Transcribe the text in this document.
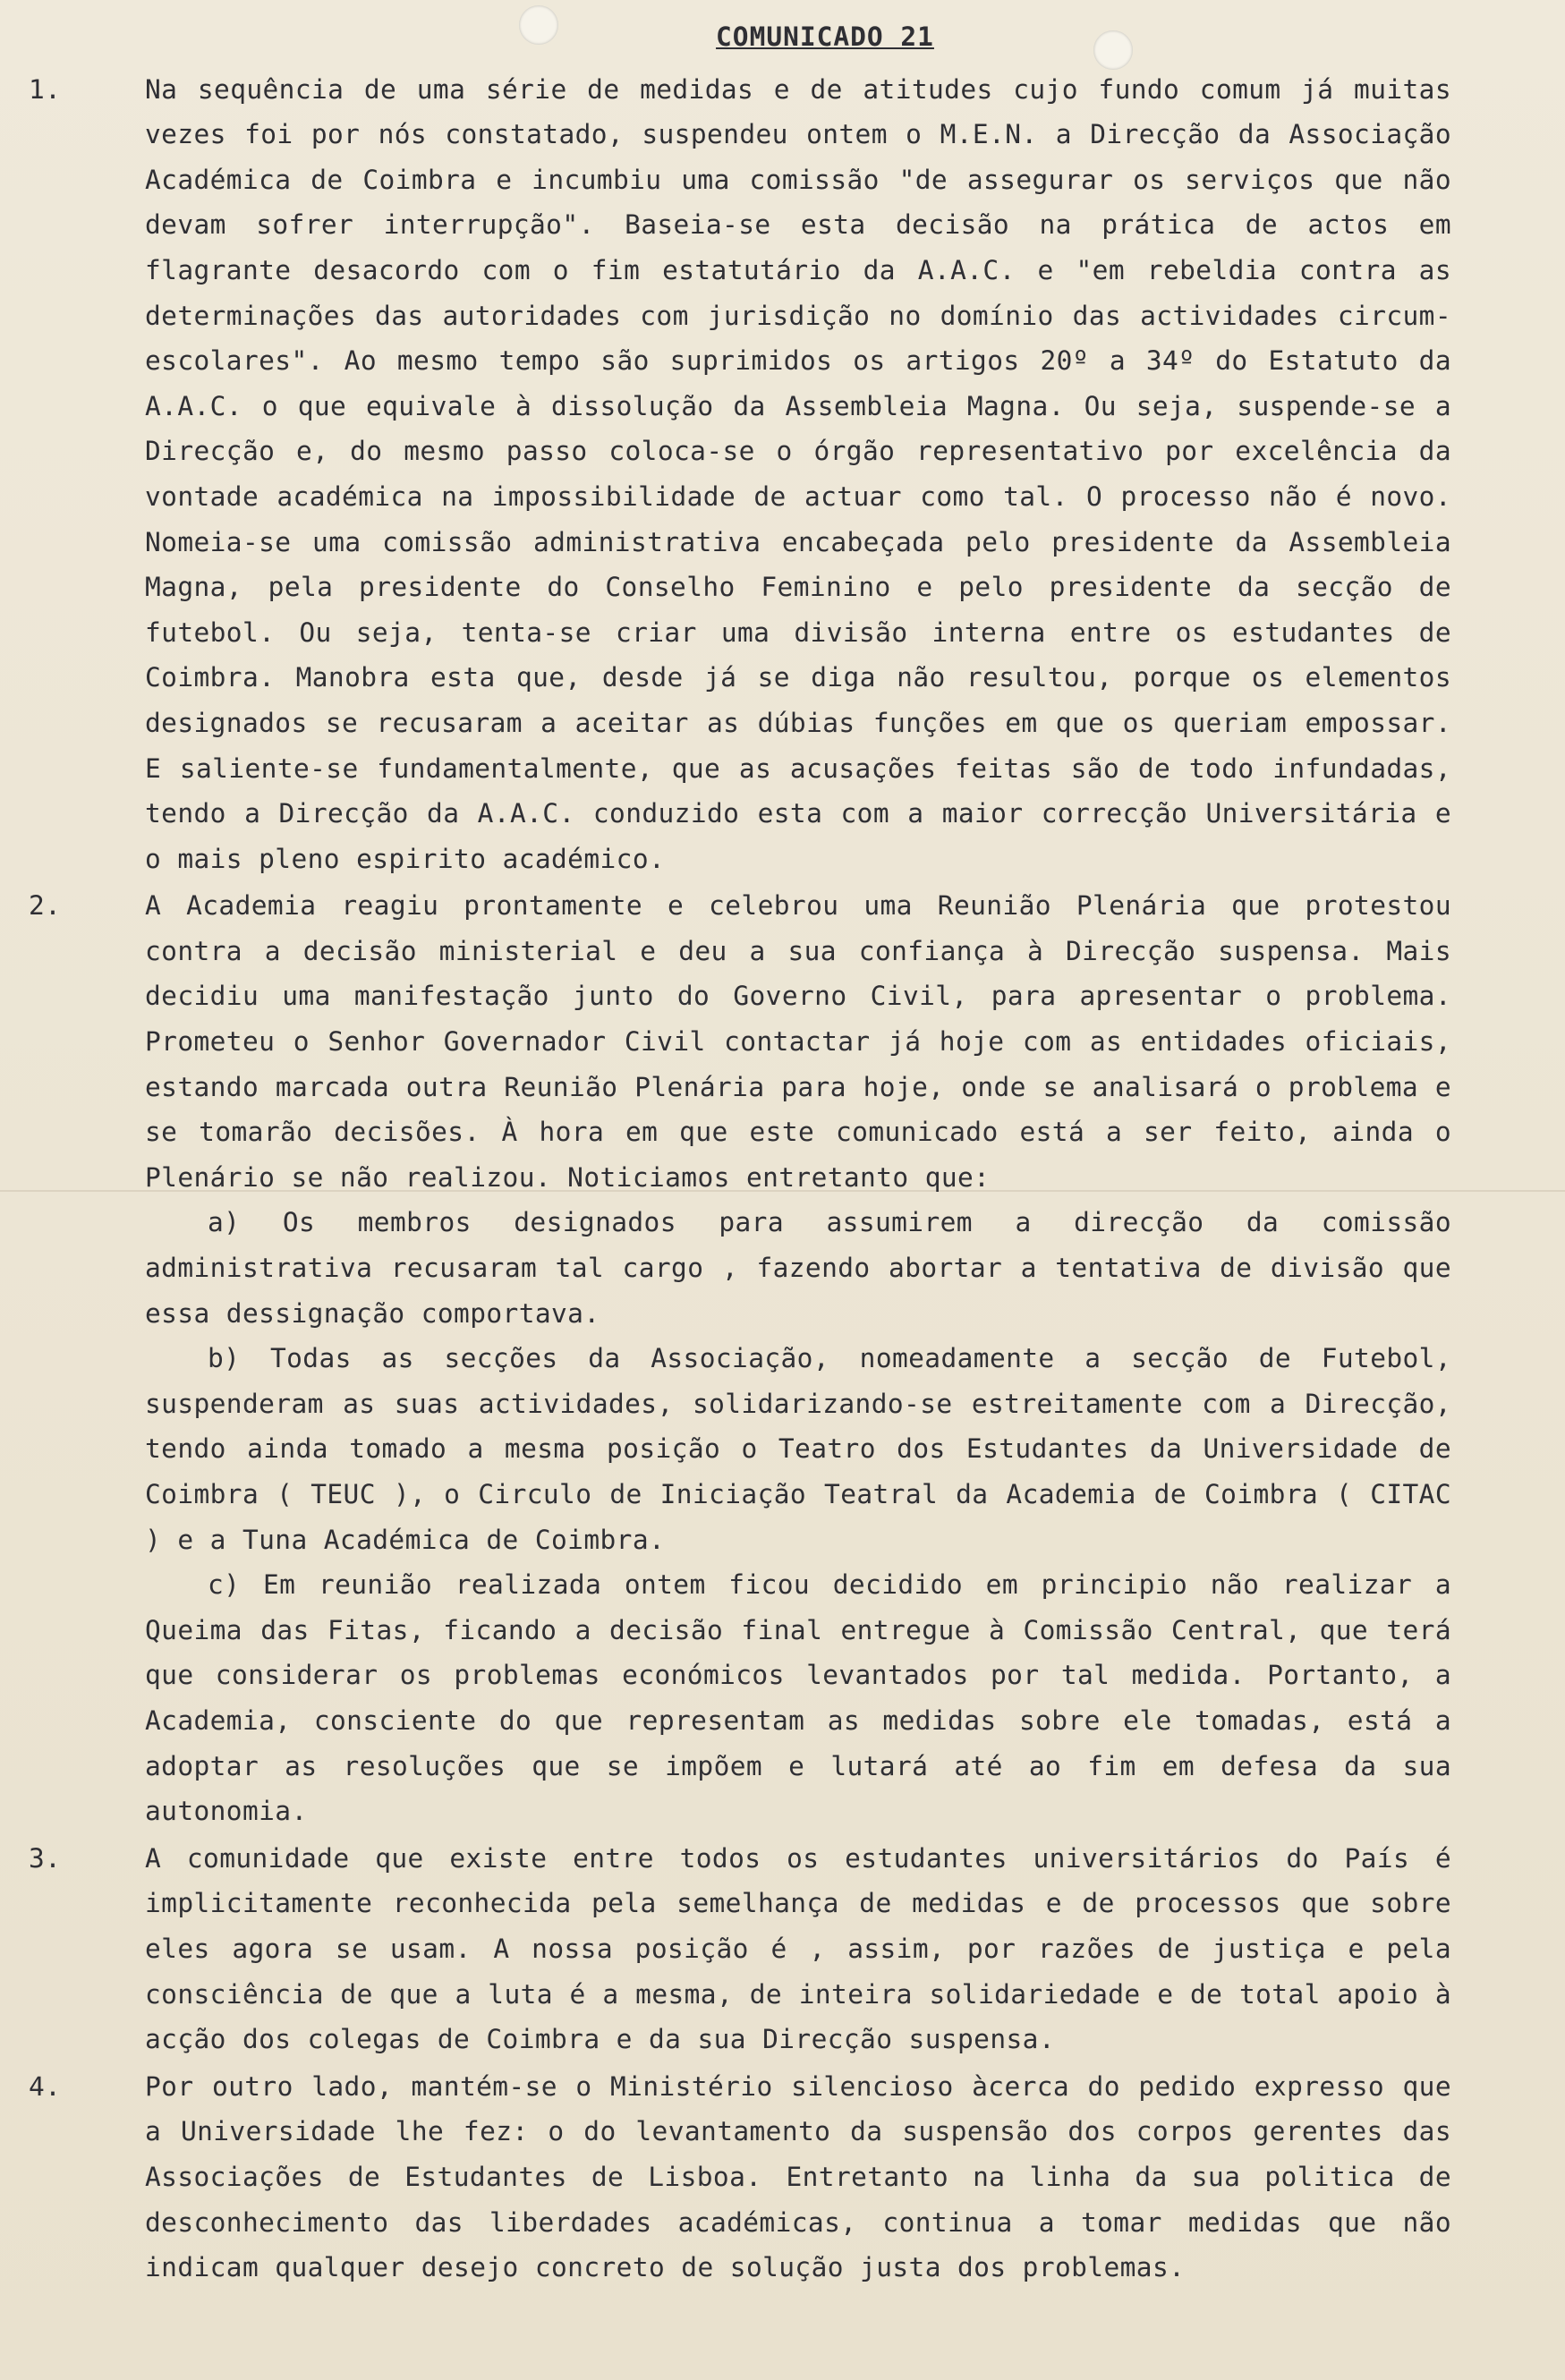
COMUNICADO 21
1.	Na sequência de uma série de medidas e de atitudes cujo fundo comum já muitas vezes foi por nós constatado, suspendeu ontem o M.E.N. a Direcção da Associação Académica de Coimbra e incumbiu uma comissão "de assegurar os serviços que não devam sofrer interrupção". Baseia-se esta decisão na prática de actos em flagrante desacordo com o fim estatutário da A.A.C. e "em rebeldia contra as determinações das autoridades com jurisdição no domínio das actividades circum-escolares". Ao mesmo tempo são suprimidos os artigos 20º a 34º do Estatuto da A.A.C. o que equivale à dissolução da Assembleia Magna. Ou seja, suspende-se a Direcção e, do mesmo passo coloca-se o órgão representativo por excelência da vontade académica na impossibilidade de actuar como tal. O processo não é novo. Nomeia-se uma comissão administrativa encabeçada pelo presidente da Assembleia Magna, pela presidente do Conselho Feminino e pelo presidente da secção de futebol. Ou seja, tenta-se criar uma divisão interna entre os estudantes de Coimbra. Manobra esta que, desde já se diga não resultou, porque os elementos designados se recusaram a aceitar as dúbias funções em que os queriam empossar. E saliente-se fundamentalmente, que as acusações feitas são de todo infundadas, tendo a Direcção da A.A.C. conduzido esta com a maior correcção Universitária e o mais pleno espirito académico.

2.	A Academia reagiu prontamente e celebrou uma Reunião Plenária que protestou contra a decisão ministerial e deu a sua confiança à Direcção suspensa. Mais decidiu uma manifestação junto do Governo Civil, para apresentar o problema. Prometeu o Senhor Governador Civil contactar já hoje com as entidades oficiais, estando marcada outra Reunião Plenária para hoje, onde se analisará o problema e se tomarão decisões. À hora em que este comunicado está a ser feito, ainda o Plenário se não realizou. Noticiamos entretanto que:

a) Os membros designados para assumirem a direcção da comissão administrativa recusaram tal cargo , fazendo abortar a tentativa de divisão que essa dessignação comportava.

b) Todas as secções da Associação, nomeadamente a secção de Futebol, suspenderam as suas actividades, solidarizando-se estreitamente com a Direcção, tendo ainda tomado a mesma posição o Teatro dos Estudantes da Universidade de Coimbra ( TEUC ), o Circulo de Iniciação Teatral da Academia de Coimbra ( CITAC ) e a Tuna Académica de Coimbra.

c) Em reunião realizada ontem ficou decidido em principio não realizar a Queima das Fitas, ficando a decisão final entregue à Comissão Central, que terá que considerar os problemas económicos levantados por tal medida. Portanto, a Academia, consciente do que representam as medidas sobre ele tomadas, está a adoptar as resoluções que se impõem e lutará até ao fim em defesa da sua autonomia.

3.	A comunidade que existe entre todos os estudantes universitários do País é implicitamente reconhecida pela semelhança de medidas e de processos que sobre eles agora se usam. A nossa posição é , assim, por razões de justiça e pela consciência de que a luta é a mesma, de inteira solidariedade e de total apoio à acção dos colegas de Coimbra e da sua Direcção suspensa.

4.	Por outro lado, mantém-se o Ministério silencioso àcerca do pedido expresso que a Universidade lhe fez: o do levantamento da suspensão dos corpos gerentes das Associações de Estudantes de Lisboa. Entretanto na linha da sua politica de desconhecimento das liberdades académicas, continua a tomar medidas que não indicam qualquer desejo concreto de solução justa dos problemas.
